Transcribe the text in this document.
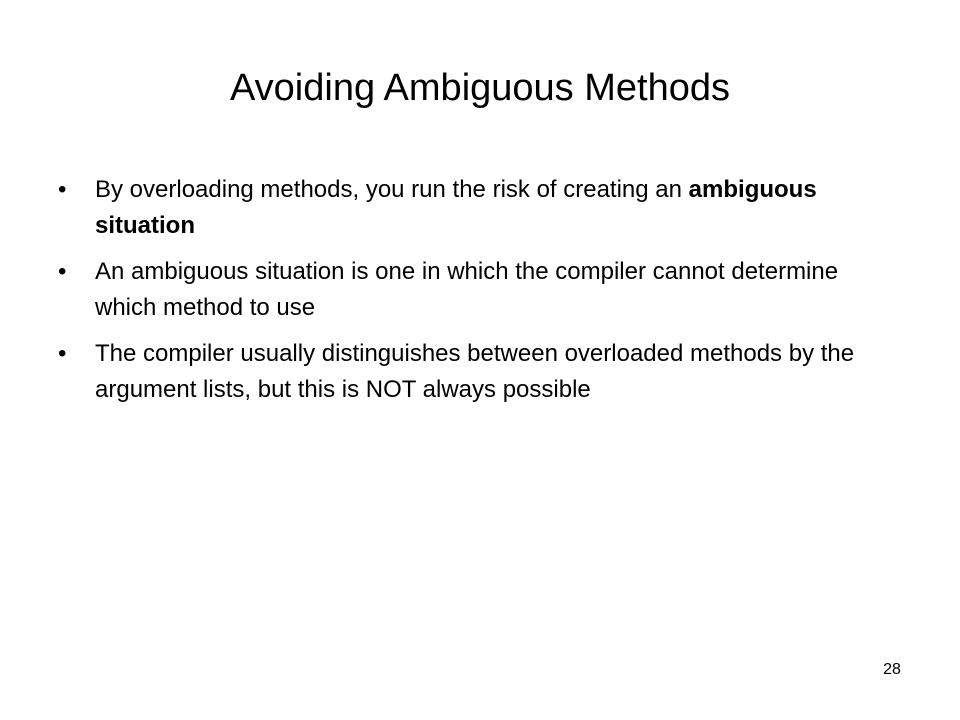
Avoiding Ambiguous Methods
• By overloading methods, you run the risk of creating an ambiguous situation
• An ambiguous situation is one in which the compiler cannot determine which method to use
• The compiler usually distinguishes between overloaded methods by the argument lists, but this is NOT always possible
28
